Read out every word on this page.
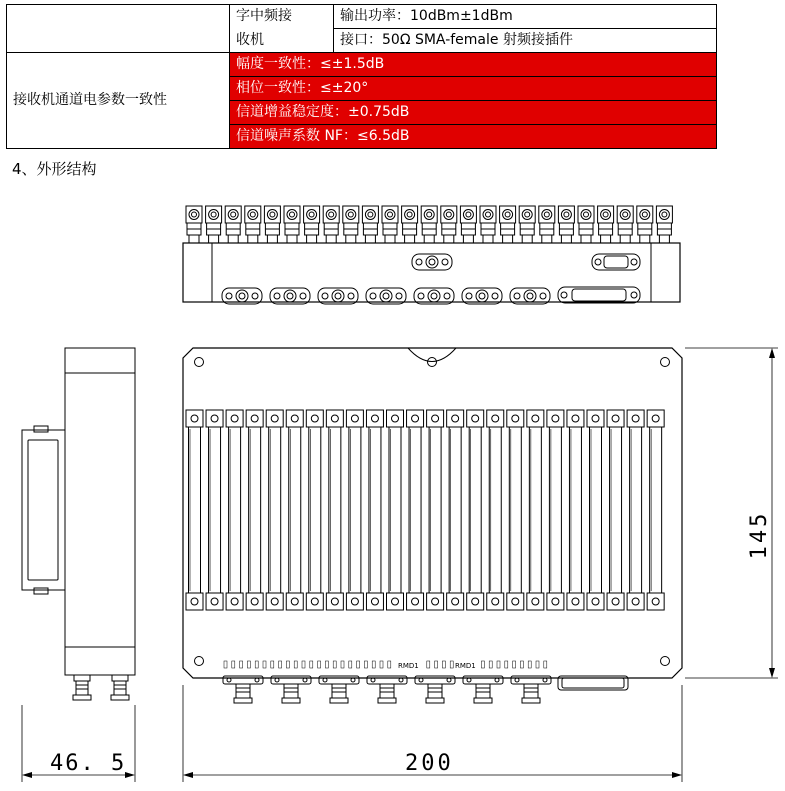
	字中频接	输出功率：10dBm±1dBm
	收机	接口：50Ω SMA-female 射频接插件
接收机通道电参数一致性	幅度一致性：≤±1.5dB	
	相位一致性：≤±20°	
	信道增益稳定度：±0.75dB	
	信道噪声系数 NF：≤6.5dB	
4、外形结构
RMD1	RMD1
46. 5	200
145
